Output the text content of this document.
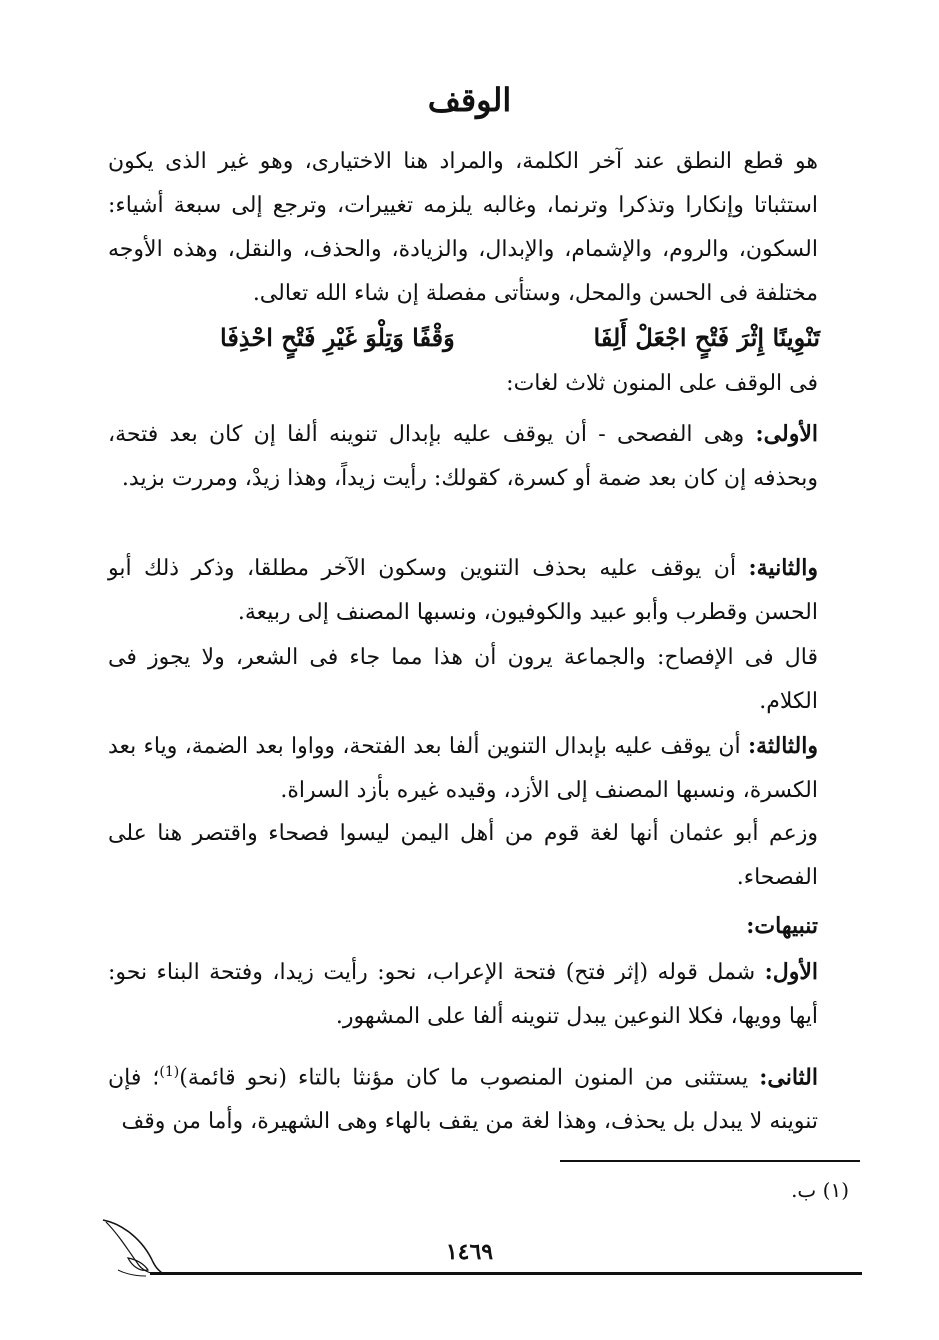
الوقف

هو قطع النطق عند آخر الكلمة، والمراد هنا الاختيارى، وهو غير الذى يكون استثباتا وإنكارا وتذكرا وترنما، وغالبه يلزمه تغييرات، وترجع إلى سبعة أشياء: السكون، والروم، والإشمام، والإبدال، والزيادة، والحذف، والنقل، وهذه الأوجه مختلفة فى الحسن والمحل، وستأتى مفصلة إن شاء الله تعالى.

تَنْوِينًا إِثْرَ فَتْحٍ اجْعَلْ أَلِفَا
وَقْفًا وَتِلْوَ غَيْرِ فَتْحٍ احْذِفَا
فى الوقف على المنون ثلاث لغات:
الأولى: وهى الفصحى - أن يوقف عليه بإبدال تنوينه ألفا إن كان بعد فتحة، وبحذفه إن كان بعد ضمة أو كسرة، كقولك: رأيت زيداً، وهذا زيدْ، ومررت بزيد.
والثانية: أن يوقف عليه بحذف التنوين وسكون الآخر مطلقا، وذكر ذلك أبو الحسن وقطرب وأبو عبيد والكوفيون، ونسبها المصنف إلى ربيعة.
قال فى الإفصاح: والجماعة يرون أن هذا مما جاء فى الشعر، ولا يجوز فى الكلام.
والثالثة: أن يوقف عليه بإبدال التنوين ألفا بعد الفتحة، وواوا بعد الضمة، وياء بعد الكسرة، ونسبها المصنف إلى الأزد، وقيده غيره بأزد السراة.
وزعم أبو عثمان أنها لغة قوم من أهل اليمن ليسوا فصحاء واقتصر هنا على الفصحاء.
تنبيهات:
الأول: شمل قوله (إثر فتح) فتحة الإعراب، نحو: رأيت زيدا، وفتحة البناء نحو: أيها وويها، فكلا النوعين يبدل تنوينه ألفا على المشهور.
الثانى: يستثنى من المنون المنصوب ما كان مؤنثا بالتاء (نحو قائمة)$^{(1)}$؛ فإن تنوينه لا يبدل بل يحذف، وهذا لغة من يقف بالهاء وهى الشهيرة، وأما من وقف
(١) ب.
١٤٦٩
